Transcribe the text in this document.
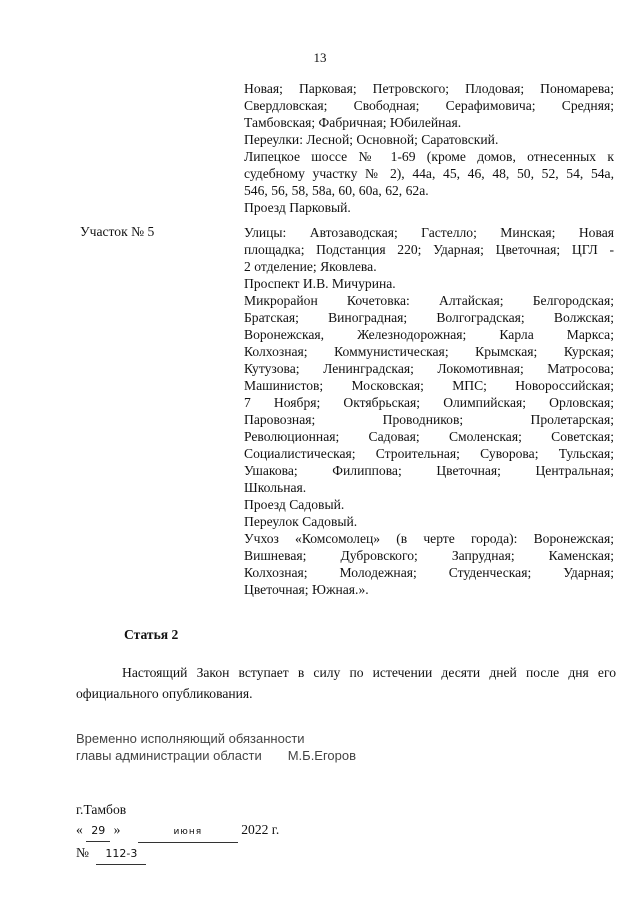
13
Новая; Парковая; Петровского; Плодовая; Пономарева;
Свердловская; Свободная; Серафимовича; Средняя;
Тамбовская; Фабричная; Юбилейная.
Переулки: Лесной; Основной; Саратовский.
Липецкое шоссе № 1-69 (кроме домов, отнесенных к
судебному участку № 2), 44а, 45, 46, 48, 50, 52, 54, 54а,
546, 56, 58, 58а, 60, 60а, 62, 62а.
Проезд Парковый.
Участок № 5	Улицы: Автозаводская; Гастелло; Минская; Новая
площадка; Подстанция 220; Ударная; Цветочная; ЦГЛ -
2 отделение; Яковлева.
Проспект И.В. Мичурина.
Микрорайон Кочетовка: Алтайская; Белгородская;
Братская; Виноградная; Волгоградская; Волжская;
Воронежская, Железнодорожная; Карла Маркса;
Колхозная; Коммунистическая; Крымская; Курская;
Кутузова; Ленинградская; Локомотивная; Матросова;
Машинистов; Московская; МПС; Новороссийская;
7 Ноября; Октябрьская; Олимпийская; Орловская;
Паровозная; Проводников; Пролетарская;
Революционная; Садовая; Смоленская; Советская;
Социалистическая; Строительная; Суворова; Тульская;
Ушакова; Филиппова; Цветочная; Центральная;
Школьная.
Проезд Садовый.
Переулок Садовый.
Учхоз «Комсомолец» (в черте города): Воронежская;
Вишневая; Дубровского; Запрудная; Каменская;
Колхозная; Молодежная; Студенческая; Ударная;
Цветочная; Южная.».
Статья 2
Настоящий Закон вступает в силу по истечении десяти дней после дня его
официального опубликования.
Временно исполняющий обязанности
главы администрации области М.Б.Егоров
г.Тамбов
« 29 »	июня	2022 г.
№ 112-3
